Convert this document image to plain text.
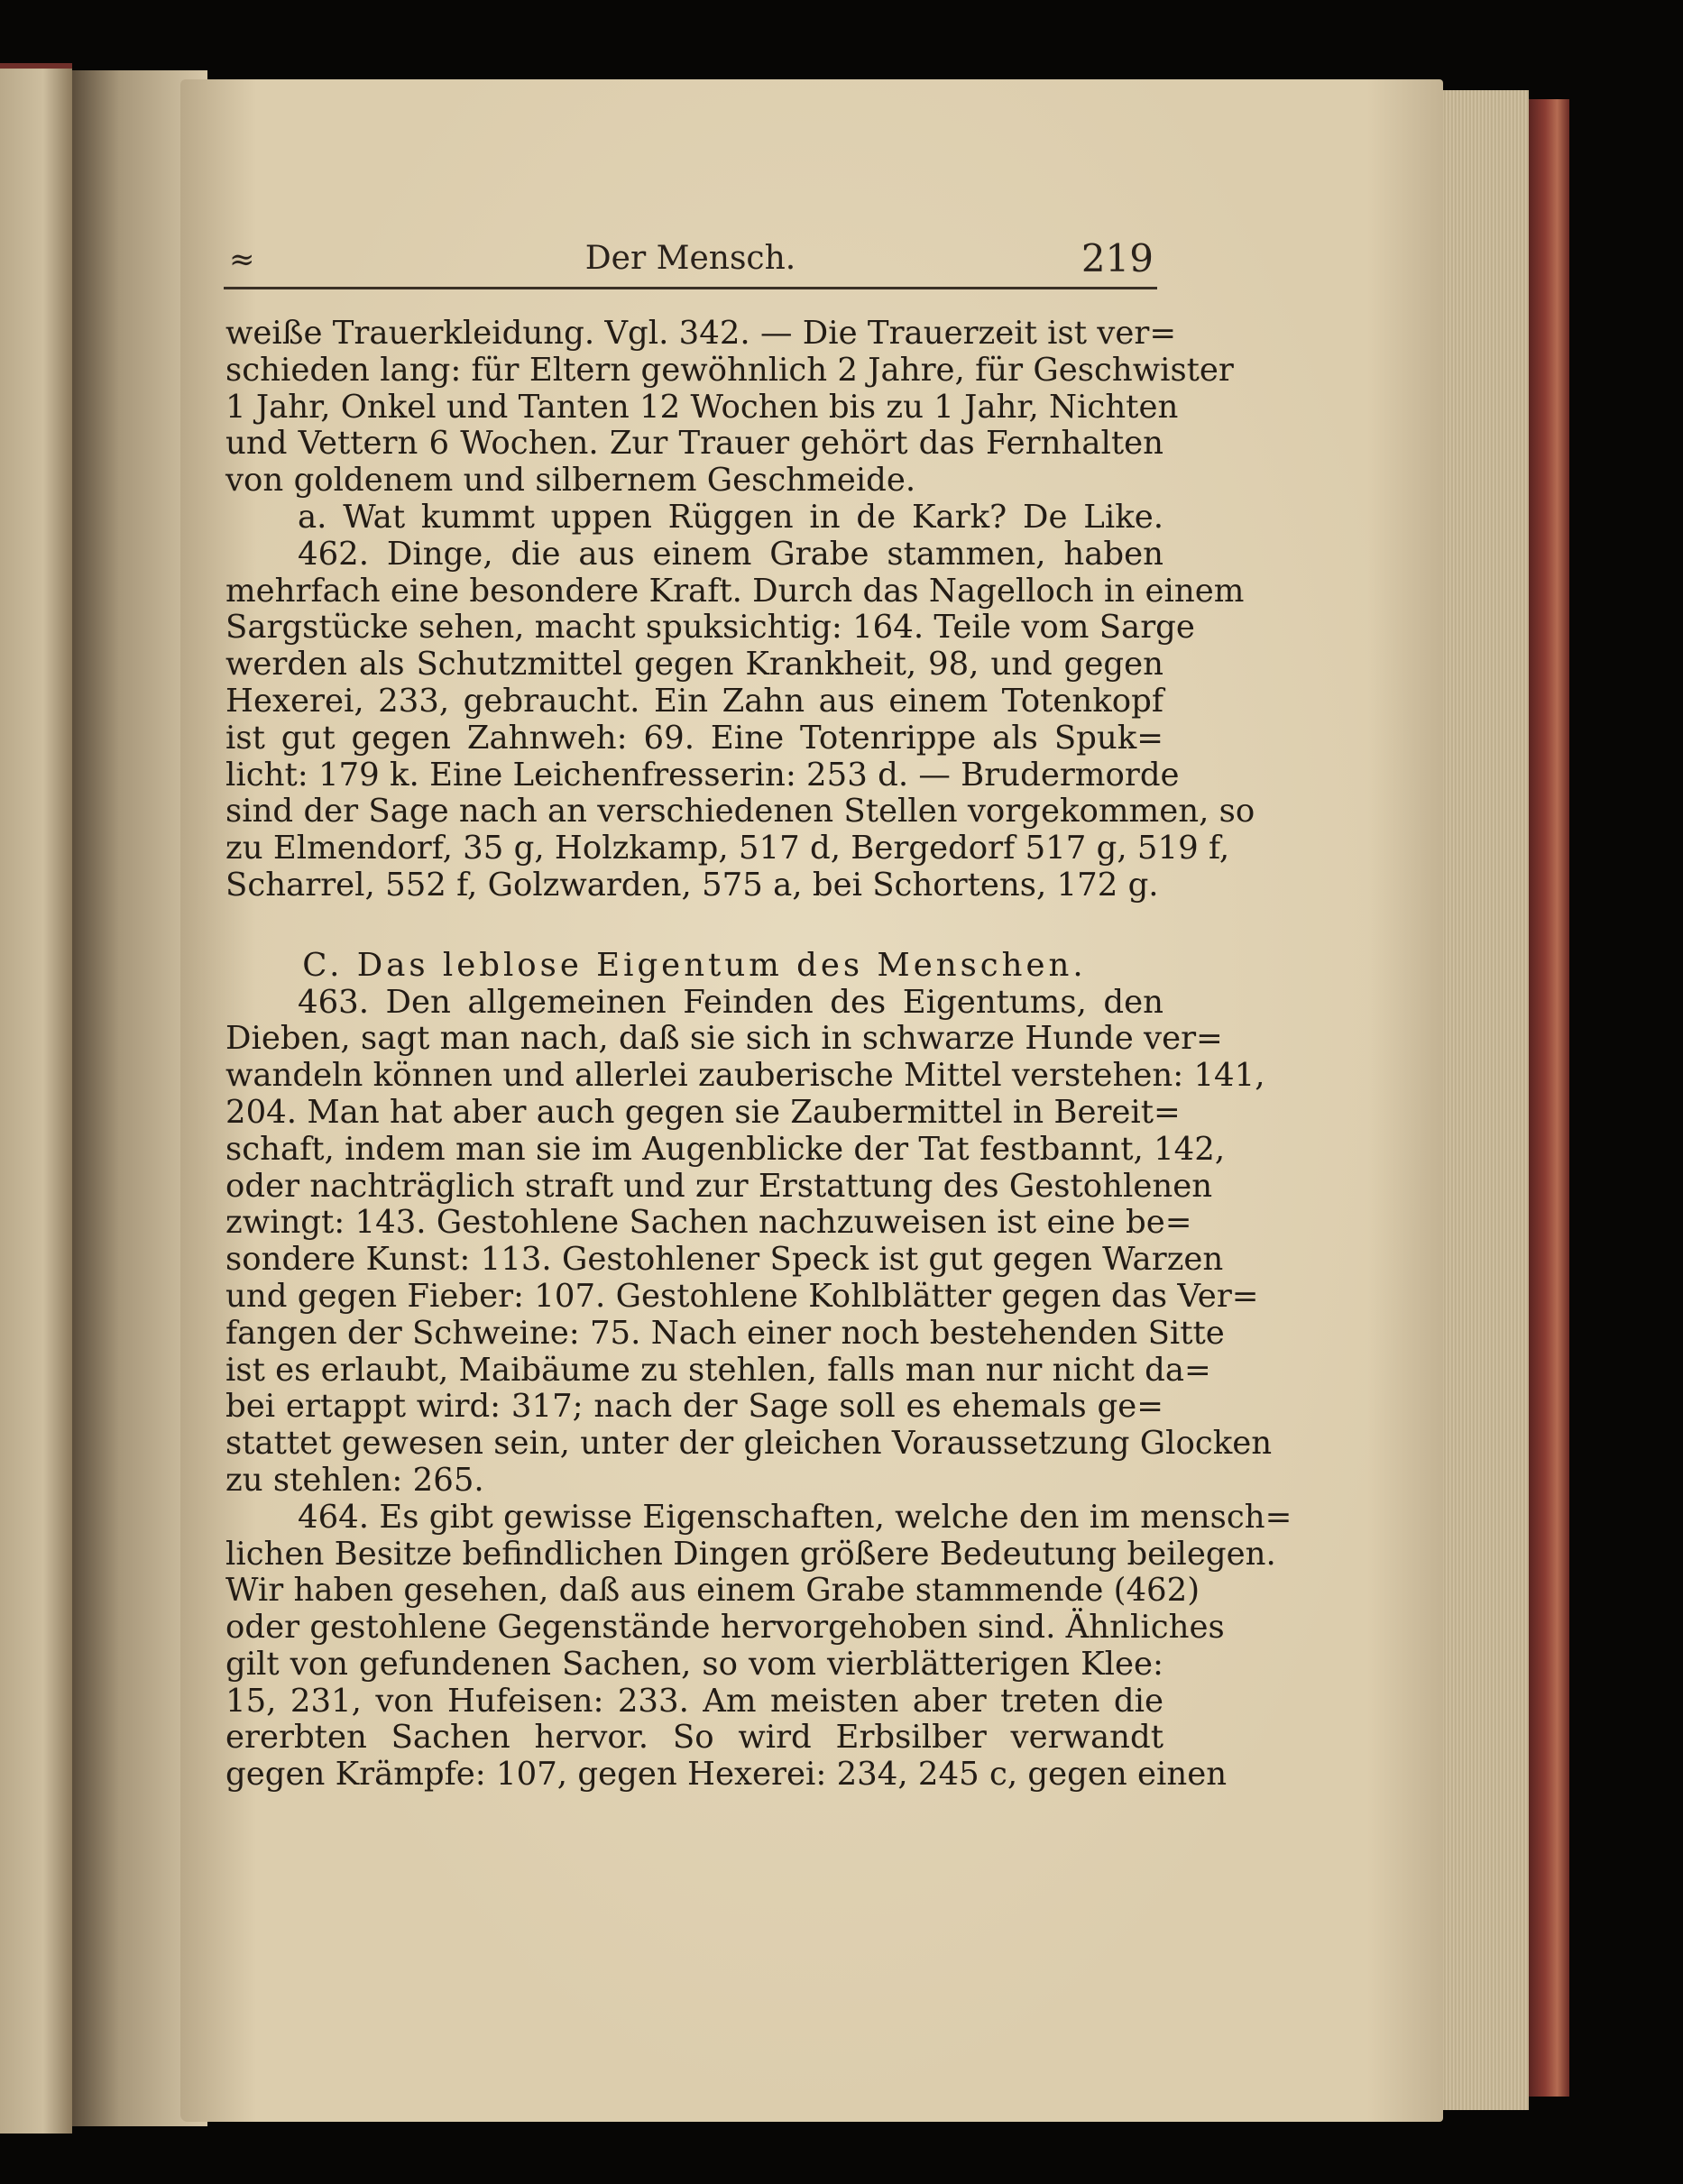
≈	Der Mensch.	219
weiße Trauerkleidung. Vgl. 342. — Die Trauerzeit ist ver=
schieden lang: für Eltern gewöhnlich 2 Jahre, für Geschwister
1 Jahr, Onkel und Tanten 12 Wochen bis zu 1 Jahr, Nichten
und Vettern 6 Wochen. Zur Trauer gehört das Fernhalten
von goldenem und silbernem Geschmeide.
a. Wat kummt uppen Rüggen in de Kark? De Like.
462. Dinge, die aus einem Grabe stammen, haben
mehrfach eine besondere Kraft. Durch das Nagelloch in einem
Sargstücke sehen, macht spuksichtig: 164. Teile vom Sarge
werden als Schutzmittel gegen Krankheit, 98, und gegen
Hexerei, 233, gebraucht. Ein Zahn aus einem Totenkopf
ist gut gegen Zahnweh: 69. Eine Totenrippe als Spuk=
licht: 179 k. Eine Leichenfresserin: 253 d. — Brudermorde
sind der Sage nach an verschiedenen Stellen vorgekommen, so
zu Elmendorf, 35 g, Holzkamp, 517 d, Bergedorf 517 g, 519 f,
Scharrel, 552 f, Golzwarden, 575 a, bei Schortens, 172 g.
C. Das leblose Eigentum des Menschen.
463. Den allgemeinen Feinden des Eigentums, den
Dieben, sagt man nach, daß sie sich in schwarze Hunde ver=
wandeln können und allerlei zauberische Mittel verstehen: 141,
204. Man hat aber auch gegen sie Zaubermittel in Bereit=
schaft, indem man sie im Augenblicke der Tat festbannt, 142,
oder nachträglich straft und zur Erstattung des Gestohlenen
zwingt: 143. Gestohlene Sachen nachzuweisen ist eine be=
sondere Kunst: 113. Gestohlener Speck ist gut gegen Warzen
und gegen Fieber: 107. Gestohlene Kohlblätter gegen das Ver=
fangen der Schweine: 75. Nach einer noch bestehenden Sitte
ist es erlaubt, Maibäume zu stehlen, falls man nur nicht da=
bei ertappt wird: 317; nach der Sage soll es ehemals ge=
stattet gewesen sein, unter der gleichen Voraussetzung Glocken
zu stehlen: 265.
464. Es gibt gewisse Eigenschaften, welche den im mensch=
lichen Besitze befindlichen Dingen größere Bedeutung beilegen.
Wir haben gesehen, daß aus einem Grabe stammende (462)
oder gestohlene Gegenstände hervorgehoben sind. Ähnliches
gilt von gefundenen Sachen, so vom vierblätterigen Klee:
15, 231, von Hufeisen: 233. Am meisten aber treten die
ererbten Sachen hervor. So wird Erbsilber verwandt
gegen Krämpfe: 107, gegen Hexerei: 234, 245 c, gegen einen
